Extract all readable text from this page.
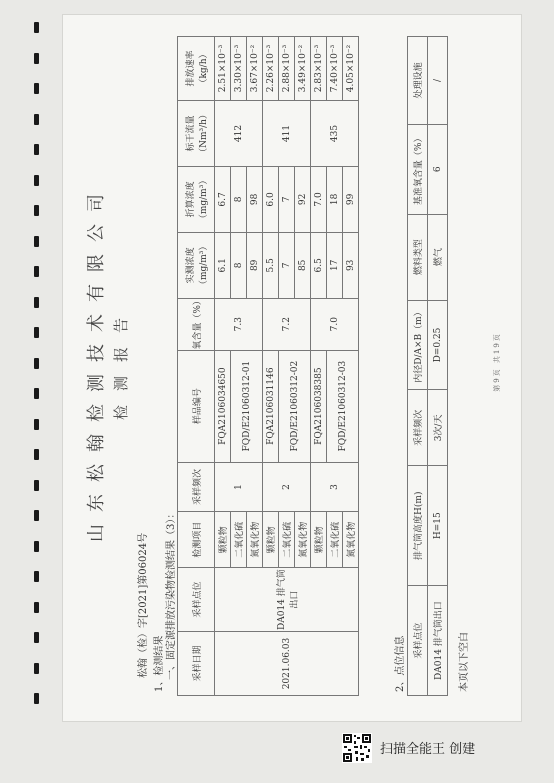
山东松翰检测技术有限公司 检测报告
松翰（检）字[2021]第06024号 1、检测结果 一、固定源排放污染物检测结果（3）： 采样日期	采样点位	检测项目	采样频次	样品编号	氧含量（%）	实测浓度（mg/m³）	折算浓度（mg/m³）	标干流量（Nm³/h）	排放速率（kg/h）
2021.06.03	DA014 排气筒出口	颗粒物	1	FQA2106034650	7.3	6.1	6.7	412	2.51×10⁻³
		二氧化硫		FQD/E21060312-01		8	8		3.30×10⁻³
		氮氧化物				89	98		3.67×10⁻²
		颗粒物	2	FQA2106031146	7.2	5.5	6.0	411	2.26×10⁻³
		二氧化硫		FQD/E21060312-02		7	7		2.88×10⁻³
		氮氧化物				85	92		3.49×10⁻²
		颗粒物	3	FQA2106038385	7.0	6.5	7.0	435	2.83×10⁻³
		二氧化硫		FQD/E21060312-03		17	18		7.40×10⁻³
		氮氧化物				93	99		4.05×10⁻²
2、点位信息 采样点位	排气筒高度H(m)	采样频次	内径D/A×B（m）	燃料类型	基准氧含量（%）	处理设施
DA014 排气筒出口	H=15	3次/天	D=0.25	燃气	6	/
本页以下空白
第9页 共19页
扫描全能王 创建
